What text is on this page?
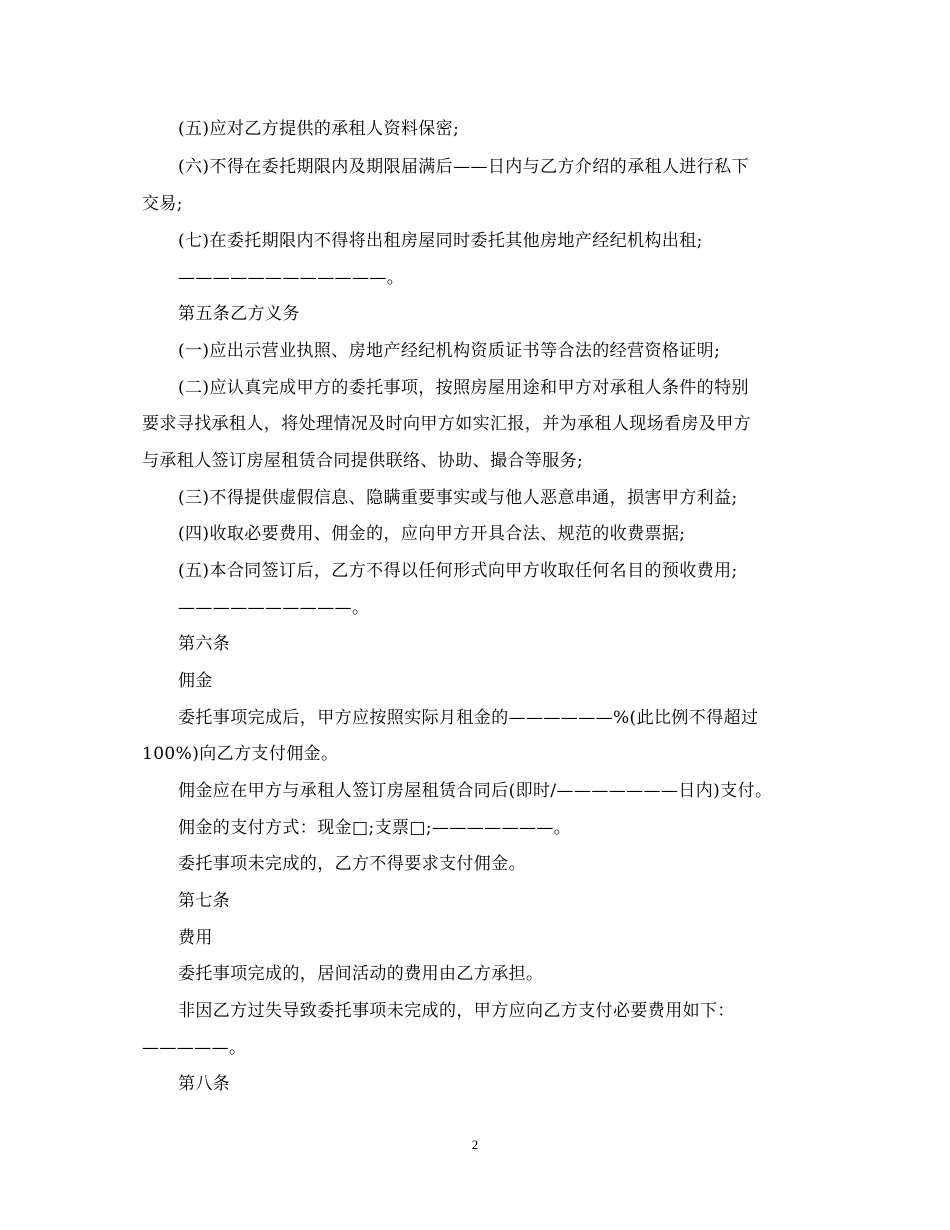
(五)应对乙方提供的承租人资料保密;
(六)不得在委托期限内及期限届满后——日内与乙方介绍的承租人进行私下
交易;
(七)在委托期限内不得将出租房屋同时委托其他房地产经纪机构出租;
————————————。
第五条乙方义务
(一)应出示营业执照、房地产经纪机构资质证书等合法的经营资格证明;
(二)应认真完成甲方的委托事项，按照房屋用途和甲方对承租人条件的特别
要求寻找承租人，将处理情况及时向甲方如实汇报，并为承租人现场看房及甲方
与承租人签订房屋租赁合同提供联络、协助、撮合等服务;
(三)不得提供虚假信息、隐瞒重要事实或与他人恶意串通，损害甲方利益;
(四)收取必要费用、佣金的，应向甲方开具合法、规范的收费票据;
(五)本合同签订后，乙方不得以任何形式向甲方收取任何名目的预收费用;
——————————。
第六条
佣金
委托事项完成后，甲方应按照实际月租金的——————%(此比例不得超过
100%)向乙方支付佣金。
佣金应在甲方与承租人签订房屋租赁合同后(即时/———————日内)支付。
佣金的支付方式：现金□;支票□;———————。
委托事项未完成的，乙方不得要求支付佣金。
第七条
费用
委托事项完成的，居间活动的费用由乙方承担。
非因乙方过失导致委托事项未完成的，甲方应向乙方支付必要费用如下：
—————。
第八条
2
